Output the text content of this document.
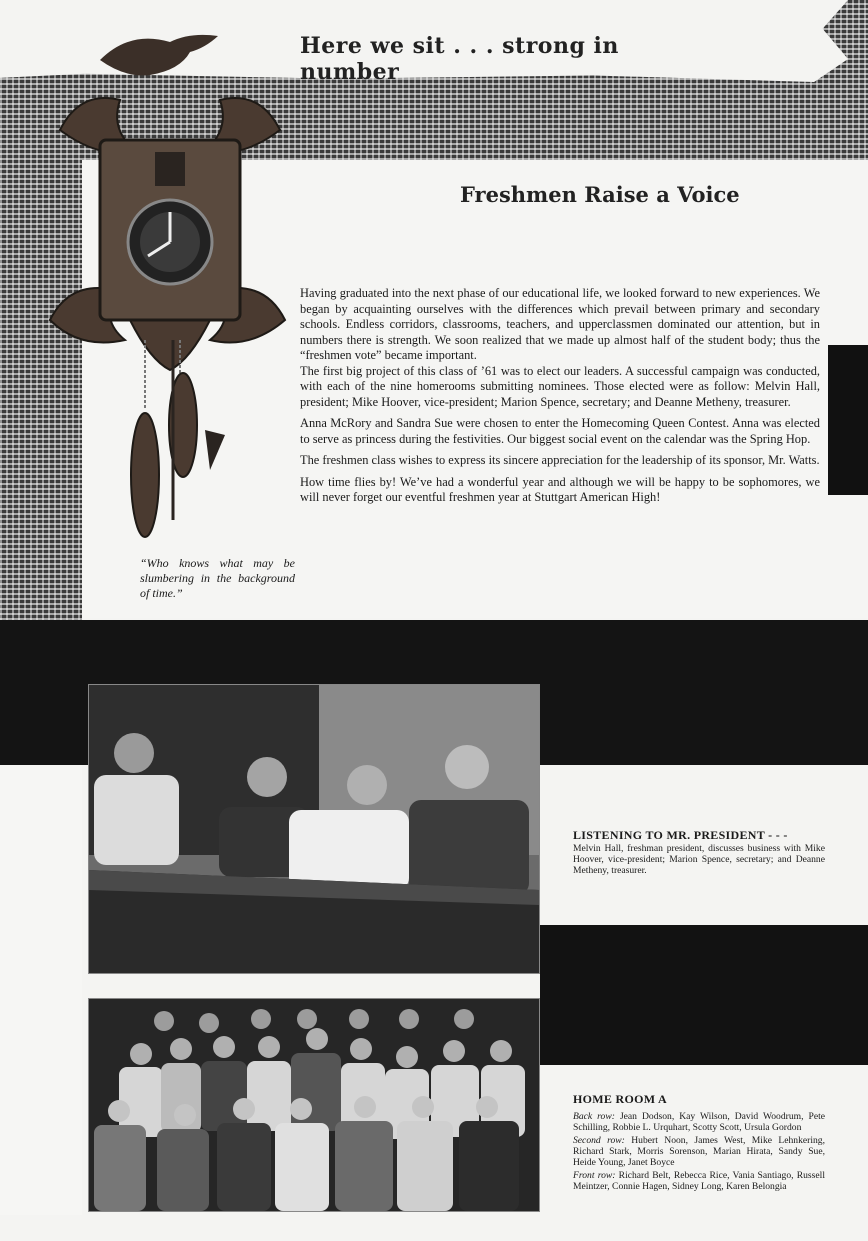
Here we sit . . . strong in number
Freshmen Raise a Voice

Having graduated into the next phase of our educational life, we looked forward to new experiences. We began by acquainting ourselves with the differences which prevail between primary and secondary schools. Endless corridors, classrooms, teachers, and upperclassmen dominated our attention, but in numbers there is strength. We soon realized that we made up almost half of the student body; thus the “freshmen vote” became important.

The first big project of this class of ’61 was to elect our leaders. A successful campaign was conducted, with each of the nine homerooms submitting nominees. Those elected were as follow: Melvin Hall, president; Mike Hoover, vice-president; Marion Spence, secretary; and Deanne Metheny, treasurer.

Anna McRory and Sandra Sue were chosen to enter the Homecoming Queen Contest. Anna was elected to serve as princess during the festivities. Our biggest social event on the calendar was the Spring Hop.

The freshmen class wishes to express its sincere appreciation for the leadership of its sponsor, Mr. Watts.

How time flies by! We’ve had a wonderful year and although we will be happy to be sophomores, we will never forget our eventful freshmen year at Stuttgart American High!

“Who knows what may be slumbering in the background of time.”
LISTENING TO MR. PRESIDENT - - -
Melvin Hall, freshman president, discusses business with Mike Hoover, vice-president; Marion Spence, secretary; and Deanne Metheny, treasurer.
HOME ROOM A

Back row: Jean Dodson, Kay Wilson, David Woodrum, Pete Schilling, Robbie L. Urquhart, Scotty Scott, Ursula Gordon

Second row: Hubert Noon, James West, Mike Lehnkering, Richard Stark, Morris Sorenson, Marian Hirata, Sandy Sue, Heide Young, Janet Boyce

Front row: Richard Belt, Rebecca Rice, Vania Santiago, Russell Meintzer, Connie Hagen, Sidney Long, Karen Belongia
